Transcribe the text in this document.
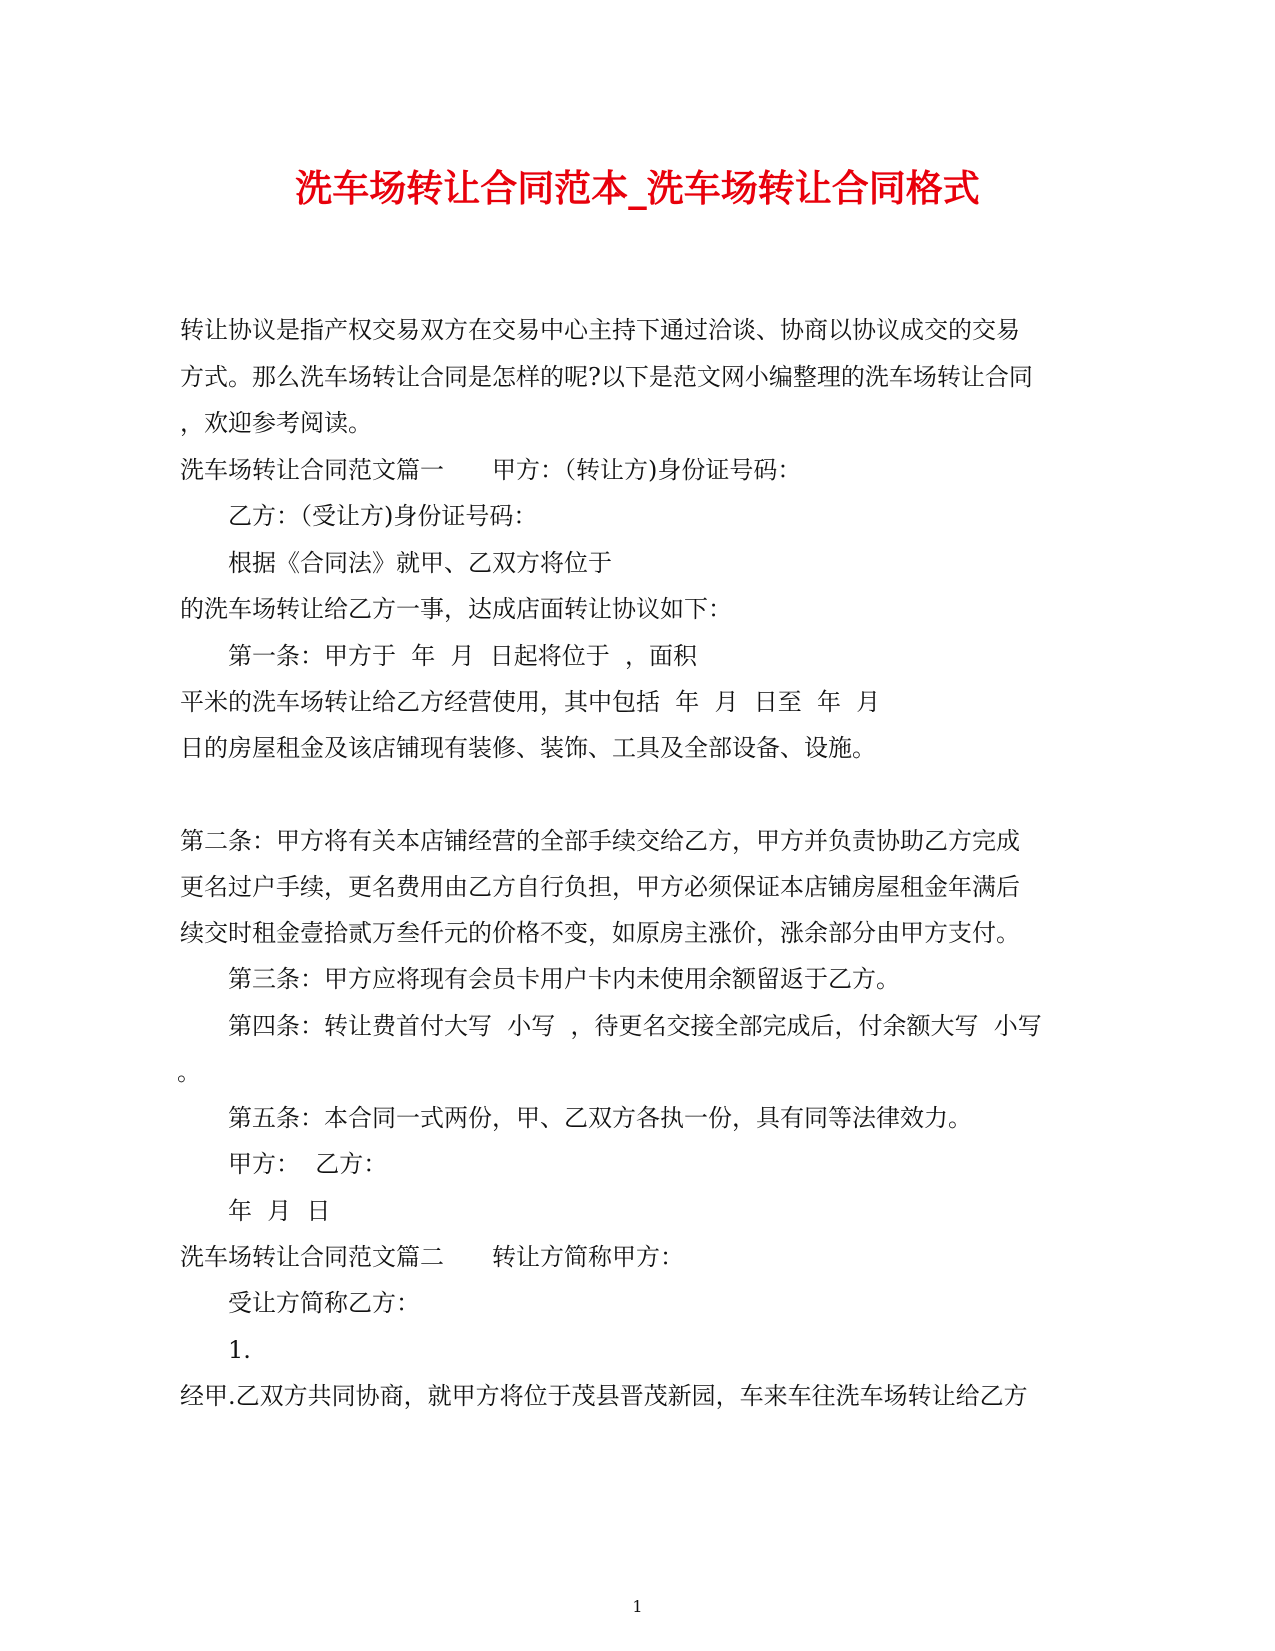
洗车场转让合同范本_洗车场转让合同格式
转让协议是指产权交易双方在交易中心主持下通过洽谈、协商以协议成交的交易
方式。那么洗车场转让合同是怎样的呢?以下是范文网小编整理的洗车场转让合同
，欢迎参考阅读。
洗车场转让合同范文篇一　　甲方：（转让方)身份证号码：
乙方：（受让方)身份证号码：
根据《合同法》就甲、乙双方将位于
的洗车场转让给乙方一事，达成店面转让协议如下：
第一条：甲方于  年  月  日起将位于  ，面积
平米的洗车场转让给乙方经营使用，其中包括  年  月  日至  年  月
日的房屋租金及该店铺现有装修、装饰、工具及全部设备、设施。
第二条：甲方将有关本店铺经营的全部手续交给乙方，甲方并负责协助乙方完成
更名过户手续，更名费用由乙方自行负担，甲方必须保证本店铺房屋租金年满后
续交时租金壹拾贰万叁仟元的价格不变，如原房主涨价，涨余部分由甲方支付。
第三条：甲方应将现有会员卡用户卡内未使用余额留返于乙方。
第四条：转让费首付大写  小写  ，待更名交接全部完成后，付余额大写  小写
。
第五条：本合同一式两份，甲、乙双方各执一份，具有同等法律效力。
甲方：  乙方：
年  月  日
洗车场转让合同范文篇二　　转让方简称甲方：
受让方简称乙方：
1.
经甲.乙双方共同协商，就甲方将位于茂县晋茂新园，车来车往洗车场转让给乙方
1
